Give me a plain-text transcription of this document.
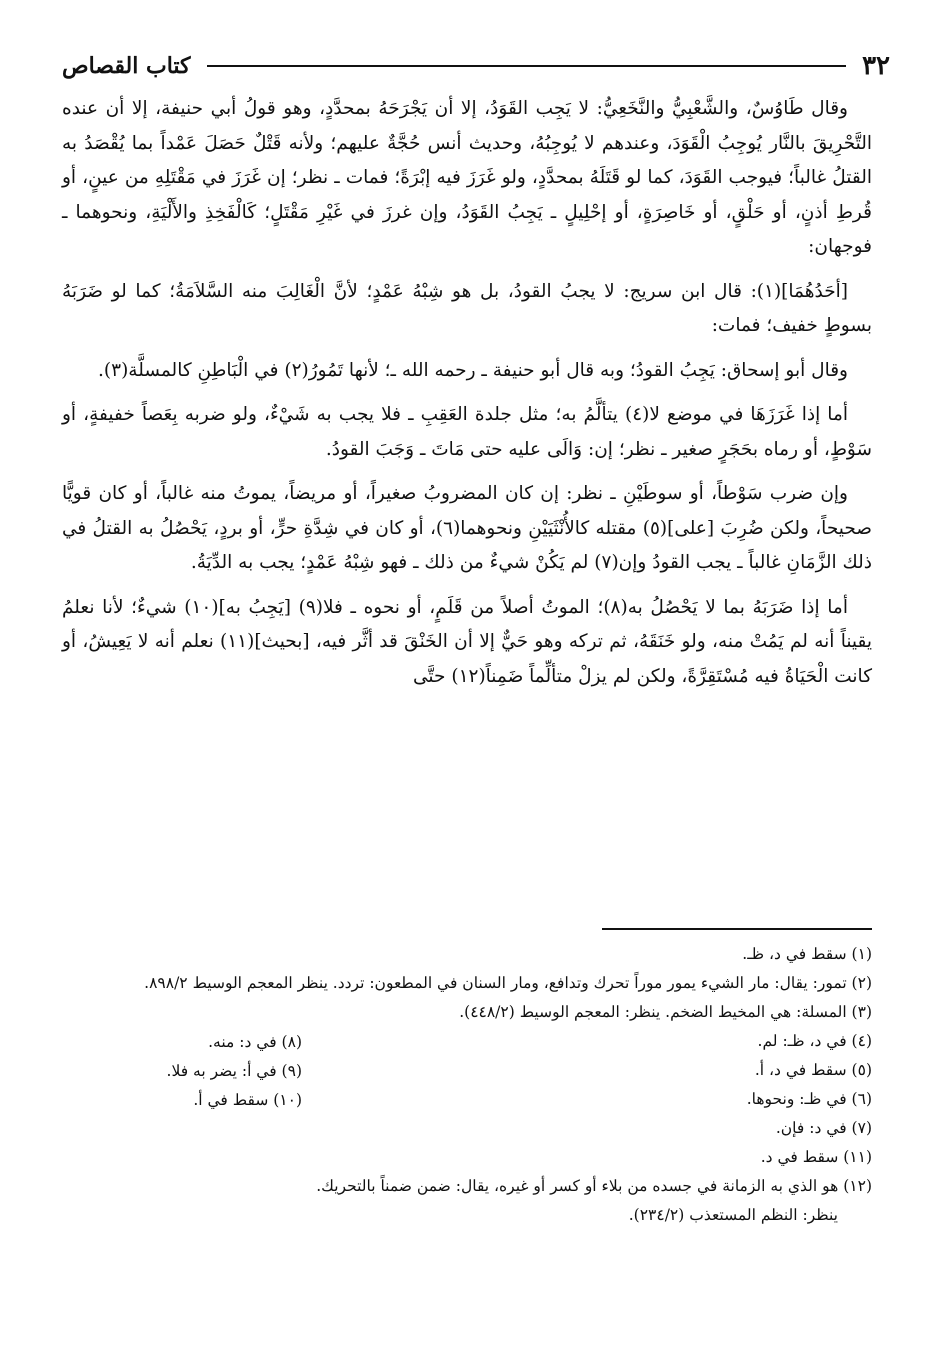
٣٢
كتاب القصاص

وقال طَاوُسٌ، والشَّعْبِيُّ والنَّخَعِيُّ: لا يَجِب القَوَدُ، إلا أن يَجْرَحَهُ بمحدَّدٍ، وهو قولُ أبي حنيفة، إلا أن عنده التَّحْرِيقَ بالنَّار يُوجِبُ الْقَوَدَ، وعندهم لا يُوجِبُهُ، وحديث أنس حُجَّةٌ عليهم؛ ولأنه قَتْلٌ حَصَلَ عَمْداً بما يُقْصَدُ به القتلُ غالباً؛ فيوجب القَوَدَ، كما لو قَتَلَهُ بمحدَّدٍ، ولو غَرَزَ فيه إبْرَةً؛ فمات ـ نظر؛ إن غَرَزَ في مَقْتَلِهِ من عينٍ، أو قُرطِ أذنٍ، أو حَلْقٍ، أو خَاصِرَةٍ، أو إحْلِيلٍ ـ يَجِبُ القَوَدُ، وإن غرزَ في غَيْرِ مَقْتَلٍ؛ كَالْفَخِذِ والأَلْيَةِ، ونحوهما ـ فوجهان:

[أحَدُهُمَا](١): قال ابن سريج: لا يجبُ القودُ، بل هو شِبْهُ عَمْدٍ؛ لأنَّ الْغَالِبَ منه السَّلاَمَةُ؛ كما لو ضَرَبَهُ بسوطٍ خفيف؛ فمات:

وقال أبو إسحاق: يَجِبُ القودُ؛ وبه قال أبو حنيفة ـ رحمه الله ـ؛ لأنها تَمُورُ(٢) في الْبَاطِنِ كالمسلَّة(٣).

أما إذا غَرَزَهَا في موضع لا(٤) يتألَّمُ به؛ مثل جلدة العَقِبِ ـ فلا يجب به شَيْءٌ، ولو ضربه بِعَصاً خفيفةٍ، أو سَوْطٍ، أو رماه بحَجَرٍ صغير ـ نظر؛ إن: وَالَى عليه حتى مَاتَ ـ وَجَبَ القودُ.

وإن ضرب سَوْطاً، أو سوطَيْنِ ـ نظر: إن كان المضروبُ صغيراً، أو مريضاً، يموتُ منه غالباً، أو كان قويًّا صحيحاً، ولكن ضُرِبَ [على](٥) مقتله كالأُنْثَيَيْنِ ونحوهما(٦)، أو كان في شِدَّةِ حرٍّ، أو بردٍ، يَحْصُلُ به القتلُ في ذلك الزَّمَانِ غالباً ـ يجب القودُ وإن(٧) لم يَكُنْ شيءٌ من ذلك ـ فهو شِبْهُ عَمْدٍ؛ يجب به الدِّيَةُ.

أما إذا ضَرَبَهُ بما لا يَحْصُلُ به(٨)؛ الموتُ أصلاً من قَلَمٍ، أو نحوه ـ فلا(٩) [يَجِبُ به](١٠) شيءٌ؛ لأنا نعلمُ يقيناً أنه لم يَمُتْ منه، ولو خَنَقَهُ، ثم تركه وهو حَيٌّ إلا أن الخَنْقَ قد أثَّر فيه، [بحيث](١١) نعلم أنه لا يَعِيشُ، أو كانت الْحَيَاةُ فيه مُسْتَقِرَّةً، ولكن لم يزلْ متألِّماً ضَمِناً(١٢) حتَّى

(١) سقط في د، ظـ.
(٢) تمور: يقال: مار الشيء يمور موراً تحرك وتدافع، ومار السنان في المطعون: تردد. ينظر المعجم الوسيط ٨٩٨/٢.
(٣) المسلة: هي المخيط الضخم. ينظر: المعجم الوسيط (٤٤٨/٢).
(٤) في د، ظـ: لم.
(٥) سقط في د، أ.
(٦) في ظـ: ونحوها.
(٧) في د: فإن.
(١١) سقط في د.
(٨) في د: منه.
(٩) في أ: يضر به فلا.
(١٠) سقط في أ.
(١٢) هو الذي به الزمانة في جسده من بلاء أو كسر أو غيره، يقال: ضمن ضمناً بالتحريك.
ينظر: النظم المستعذب (٢٣٤/٢).
